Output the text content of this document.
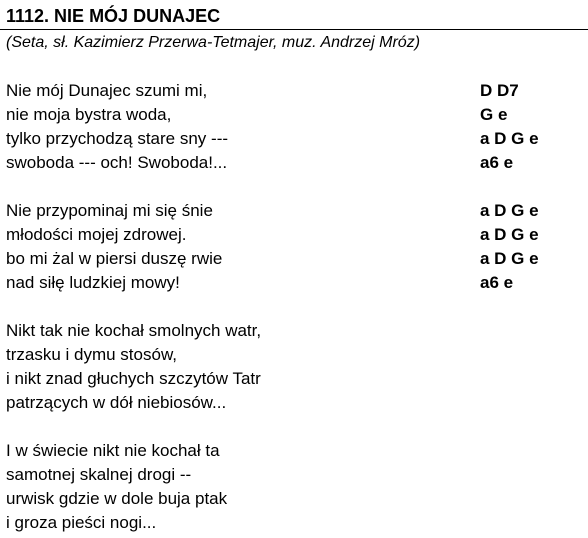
1112. NIE MÓJ DUNAJEC
(Seta, sł. Kazimierz Przerwa-Tetmajer, muz. Andrzej Mróz)
Nie mój Dunajec szumi mi,	D D7
nie moja bystra woda,	G e
tylko przychodzą stare sny ---	a D G e
swoboda --- och! Swoboda!...	a6 e
Nie przypominaj mi się śnie	a D G e
młodości mojej zdrowej.	a D G e
bo mi żal w piersi duszę rwie	a D G e
nad siłę ludzkiej mowy!	a6 e
Nikt tak nie kochał smolnych watr,
trzasku i dymu stosów,
i nikt znad głuchych szczytów Tatr
patrzących w dół niebiosów...
I w świecie nikt nie kochał ta
samotnej skalnej drogi --
urwisk gdzie w dole buja ptak
i groza pieści nogi...
